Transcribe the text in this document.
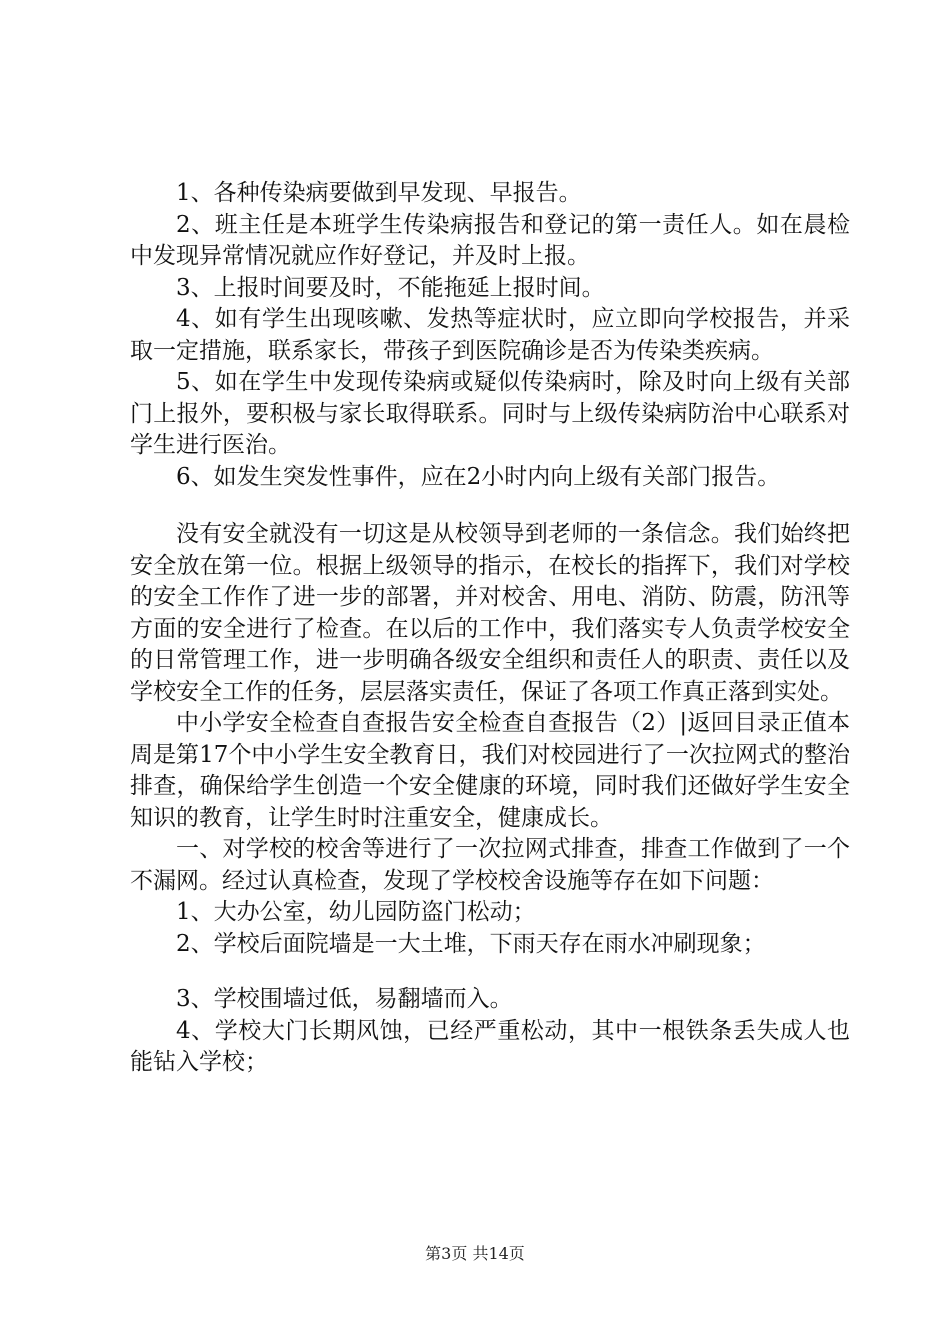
1、各种传染病要做到早发现、早报告。

2、班主任是本班学生传染病报告和登记的第一责任人。如在晨检中发现异常情况就应作好登记，并及时上报。

3、上报时间要及时，不能拖延上报时间。

4、如有学生出现咳嗽、发热等症状时，应立即向学校报告，并采取一定措施，联系家长，带孩子到医院确诊是否为传染类疾病。

5、如在学生中发现传染病或疑似传染病时，除及时向上级有关部门上报外，要积极与家长取得联系。同时与上级传染病防治中心联系对学生进行医治。

6、如发生突发性事件，应在2小时内向上级有关部门报告。

没有安全就没有一切这是从校领导到老师的一条信念。我们始终把安全放在第一位。根据上级领导的指示，在校长的指挥下，我们对学校的安全工作作了进一步的部署，并对校舍、用电、消防、防震，防汛等方面的安全进行了检查。在以后的工作中，我们落实专人负责学校安全的日常管理工作，进一步明确各级安全组织和责任人的职责、责任以及学校安全工作的任务，层层落实责任，保证了各项工作真正落到实处。

中小学安全检查自查报告安全检查自查报告（2）|返回目录正值本周是第17个中小学生安全教育日，我们对校园进行了一次拉网式的整治排查，确保给学生创造一个安全健康的环境，同时我们还做好学生安全知识的教育，让学生时时注重安全，健康成长。

一、对学校的校舍等进行了一次拉网式排查，排查工作做到了一个不漏网。经过认真检查，发现了学校校舍设施等存在如下问题：

1、大办公室，幼儿园防盗门松动；

2、学校后面院墙是一大土堆，下雨天存在雨水冲刷现象；

3、学校围墙过低，易翻墙而入。

4、学校大门长期风蚀，已经严重松动，其中一根铁条丢失成人也能钻入学校；

第3页 共14页
